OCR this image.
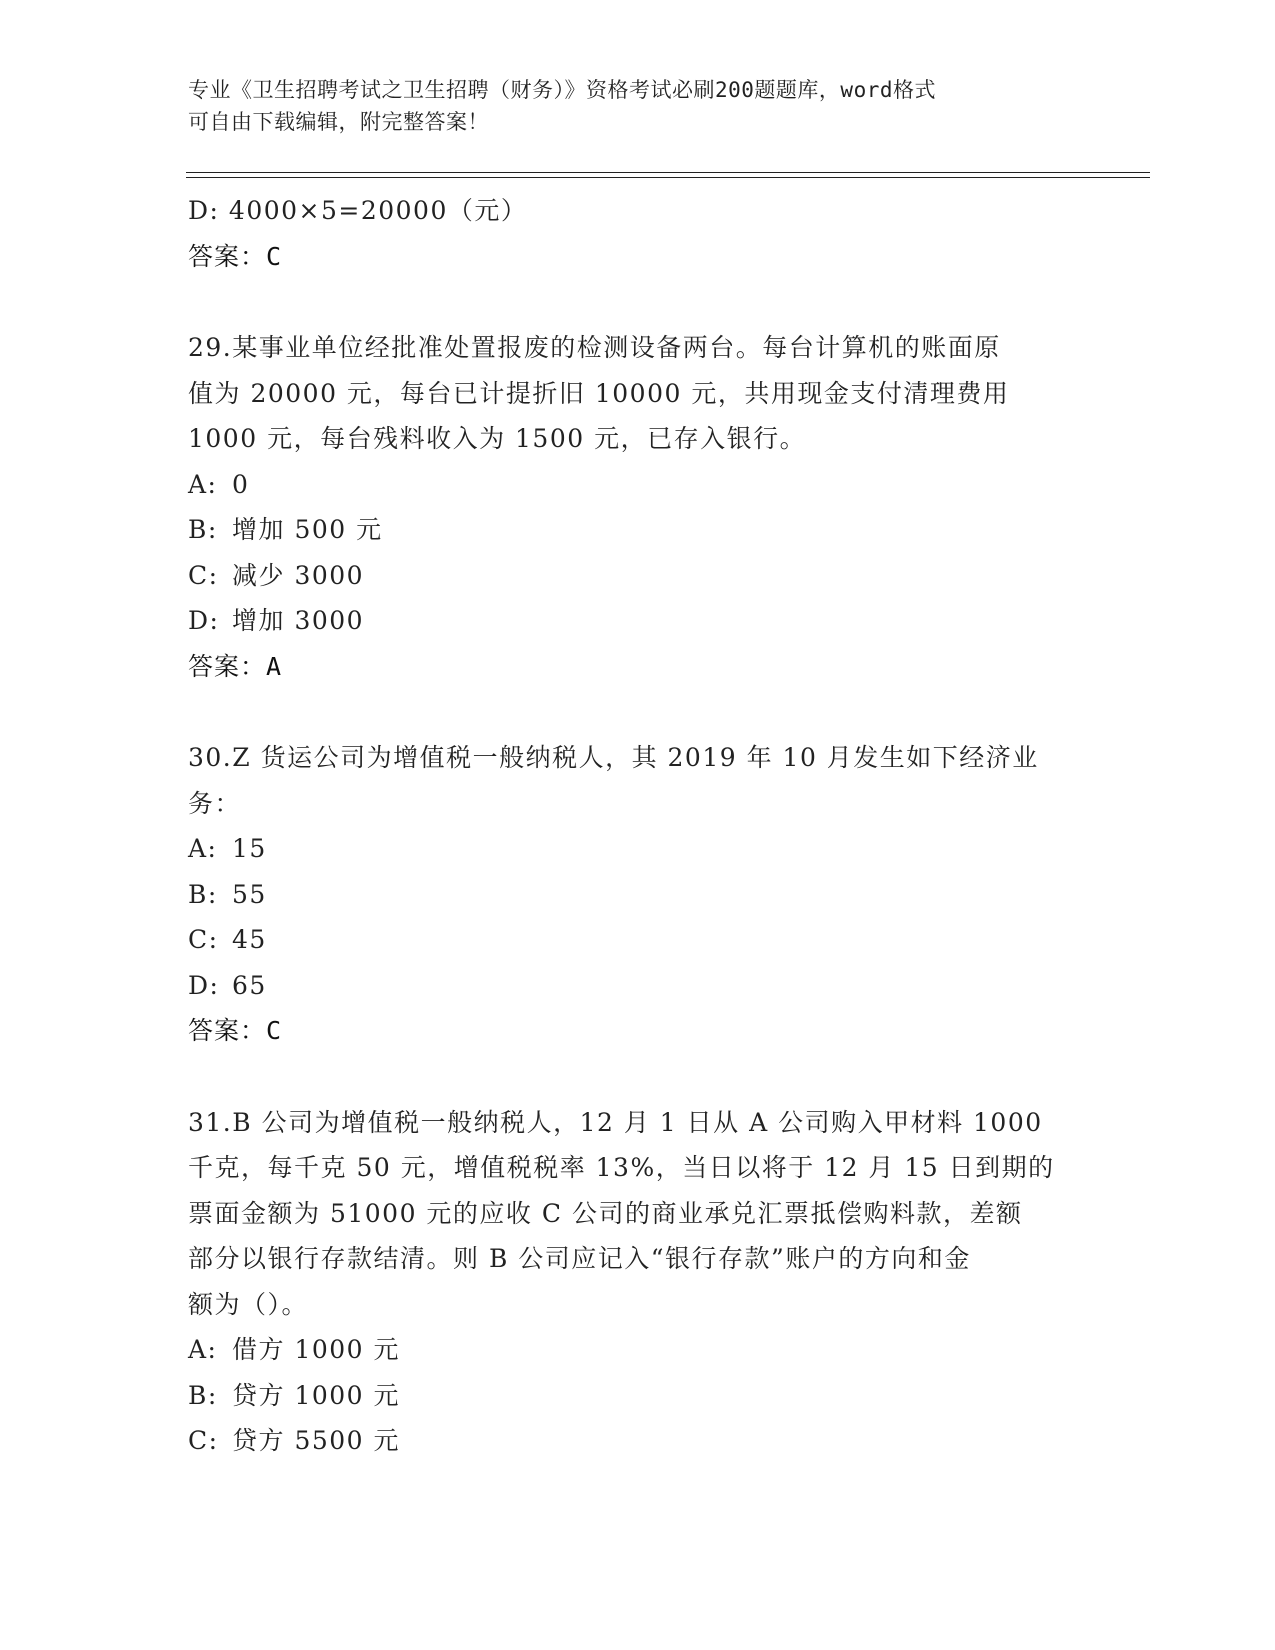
专业《卫生招聘考试之卫生招聘（财务）》资格考试必刷200题题库，word格式
可自由下载编辑，附完整答案！
D: 4000×5=20000（元）
答案：C
29.某事业单位经批准处置报废的检测设备两台。每台计算机的账面原
值为 20000 元，每台已计提折旧 10000 元，共用现金支付清理费用
1000 元，每台残料收入为 1500 元，已存入银行。
A: 0
B: 增加 500 元
C: 减少 3000
D: 增加 3000
答案：A
30.Z 货运公司为增值税一般纳税人，其 2019 年 10 月发生如下经济业
务：
A: 15
B: 55
C: 45
D: 65
答案：C
31.B 公司为增值税一般纳税人，12 月 1 日从 A 公司购入甲材料 1000
千克，每千克 50 元，增值税税率 13%，当日以将于 12 月 15 日到期的
票面金额为 51000 元的应收 C 公司的商业承兑汇票抵偿购料款，差额
部分以银行存款结清。则 B 公司应记入“银行存款”账户的方向和金
额为（）。
A: 借方 1000 元
B: 贷方 1000 元
C: 贷方 5500 元
